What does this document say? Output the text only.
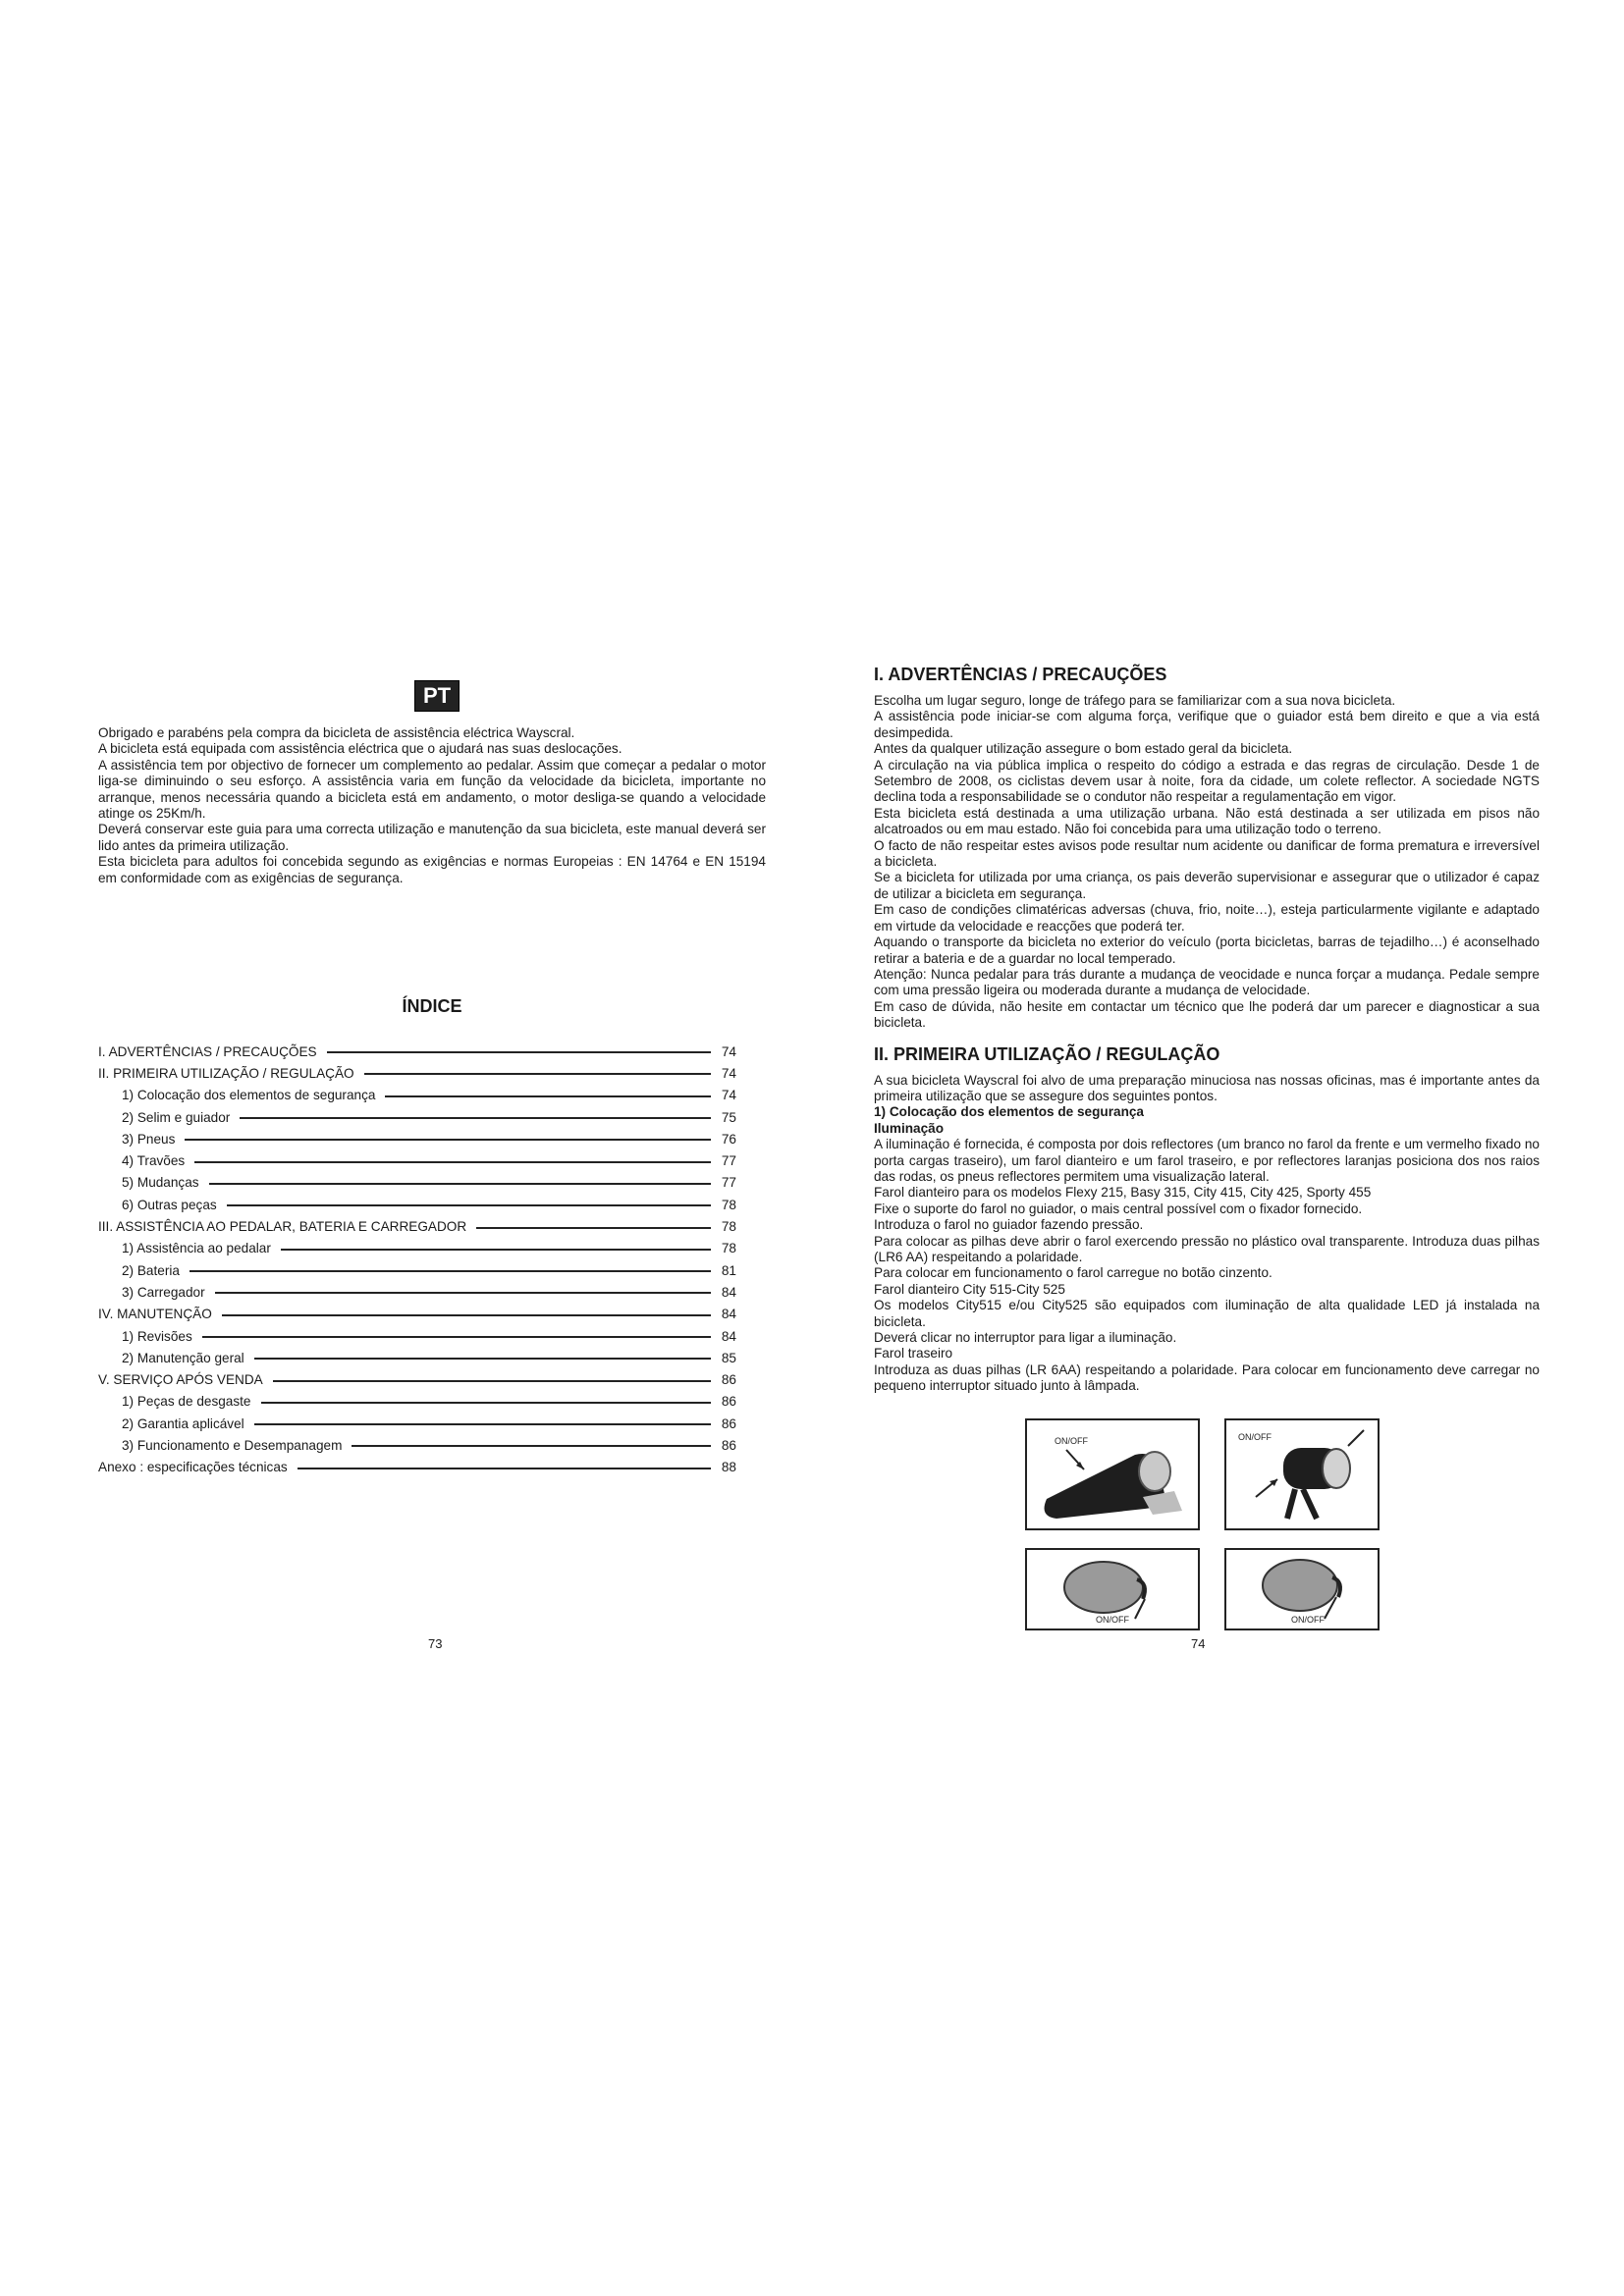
PT

Obrigado e parabéns pela compra da bicicleta de assistência eléctrica Wayscral.

A bicicleta está equipada com assistência eléctrica que o ajudará nas suas deslocações.

A assistência tem por objectivo de fornecer um complemento ao pedalar. Assim que começar a pedalar o motor liga-se diminuindo o seu esforço. A assistência varia em função da velocidade da bicicleta, importante no arranque, menos necessária quando a bicicleta está em andamento, o motor desliga-se quando a velocidade atinge os 25Km/h.

Deverá conservar este guia para uma correcta utilização e manutenção da sua bicicleta, este manual deverá ser lido antes da primeira utilização.

Esta bicicleta para adultos foi concebida segundo as exigências e normas Europeias : EN 14764 e EN 15194 em conformidade com as exigências de segurança.

ÍNDICE
I. ADVERTÊNCIAS / PRECAUÇÕES	74
II. PRIMEIRA UTILIZAÇÃO / REGULAÇÃO	74
1) Colocação dos elementos de segurança	74
2) Selim e guiador	75
3) Pneus	76
4) Travões	77
5) Mudanças	77
6) Outras peças	78
III. ASSISTÊNCIA AO PEDALAR, BATERIA E CARREGADOR	78
1) Assistência ao pedalar	78
2) Bateria	81
3) Carregador	84
IV. MANUTENÇÃO	84
1) Revisões	84
2) Manutenção geral	85
V. SERVIÇO APÓS VENDA	86
1) Peças de desgaste	86
2) Garantia aplicável	86
3) Funcionamento e Desempanagem	86
Anexo : especificações técnicas	88
73
I. ADVERTÊNCIAS / PRECAUÇÕES

Escolha um lugar seguro, longe de tráfego para se familiarizar com a sua nova bicicleta.

A assistência pode iniciar-se com alguma força, verifique que o guiador está bem direito e que a via está desimpedida.

Antes da qualquer utilização assegure o bom estado geral da bicicleta.

A circulação na via pública implica o respeito do código a estrada e das regras de circulação. Desde 1 de Setembro de 2008, os ciclistas devem usar à noite, fora da cidade, um colete reflector. A sociedade NGTS declina toda a responsabilidade se o condutor não respeitar a regulamentação em vigor.

Esta bicicleta está destinada a uma utilização urbana. Não está destinada a ser utilizada em pisos não alcatroados ou em mau estado. Não foi concebida para uma utilização todo o terreno.

O facto de não respeitar estes avisos pode resultar num acidente ou danificar de forma prematura e irreversível a bicicleta.

Se a bicicleta for utilizada por uma criança, os pais deverão supervisionar e assegurar que o utilizador é capaz de utilizar a bicicleta em segurança.

Em caso de condições climatéricas adversas (chuva, frio, noite…), esteja particularmente vigilante e adaptado em virtude da velocidade e reacções que poderá ter.

Aquando o transporte da bicicleta no exterior do veículo (porta bicicletas, barras de tejadilho…) é aconselhado retirar a bateria e de a guardar no local temperado.

Atenção: Nunca pedalar para trás durante a mudança de veocidade e nunca forçar a mudança. Pedale sempre com uma pressão ligeira ou moderada durante a mudança de velocidade.

Em caso de dúvida, não hesite em contactar um técnico que lhe poderá dar um parecer e diagnosticar a sua bicicleta.

II. PRIMEIRA UTILIZAÇÃO / REGULAÇÃO

A sua bicicleta Wayscral foi alvo de uma preparação minuciosa nas nossas oficinas, mas é importante antes da primeira utilização que se assegure dos seguintes pontos.

1) Colocação dos elementos de segurança

Iluminação

A iluminação é fornecida, é composta por dois reflectores (um branco no farol da frente e um vermelho fixado no porta cargas traseiro), um farol dianteiro e um farol traseiro, e por reflectores laranjas posiciona dos nos raios das rodas, os pneus reflectores permitem uma visualização lateral.

Farol dianteiro para os modelos Flexy 215, Basy 315, City 415, City 425, Sporty 455

Fixe o suporte do farol no guiador, o mais central possível com o fixador fornecido.

Introduza o farol no guiador fazendo pressão.

Para colocar as pilhas deve abrir o farol exercendo pressão no plástico oval transparente. Introduza duas pilhas (LR6 AA) respeitando a polaridade.

Para colocar em funcionamento o farol carregue no botão cinzento.

Farol dianteiro City 515-City 525

Os modelos City515 e/ou City525 são equipados com iluminação de alta qualidade LED já instalada na bicicleta.

Deverá clicar no interruptor para ligar a iluminação.

Farol traseiro

Introduza as duas pilhas (LR 6AA) respeitando a polaridade. Para colocar em funcionamento deve carregar no pequeno interruptor situado junto à lâmpada.

ON/OFF	ON/OFF
ON/OFF	ON/OFF
74
